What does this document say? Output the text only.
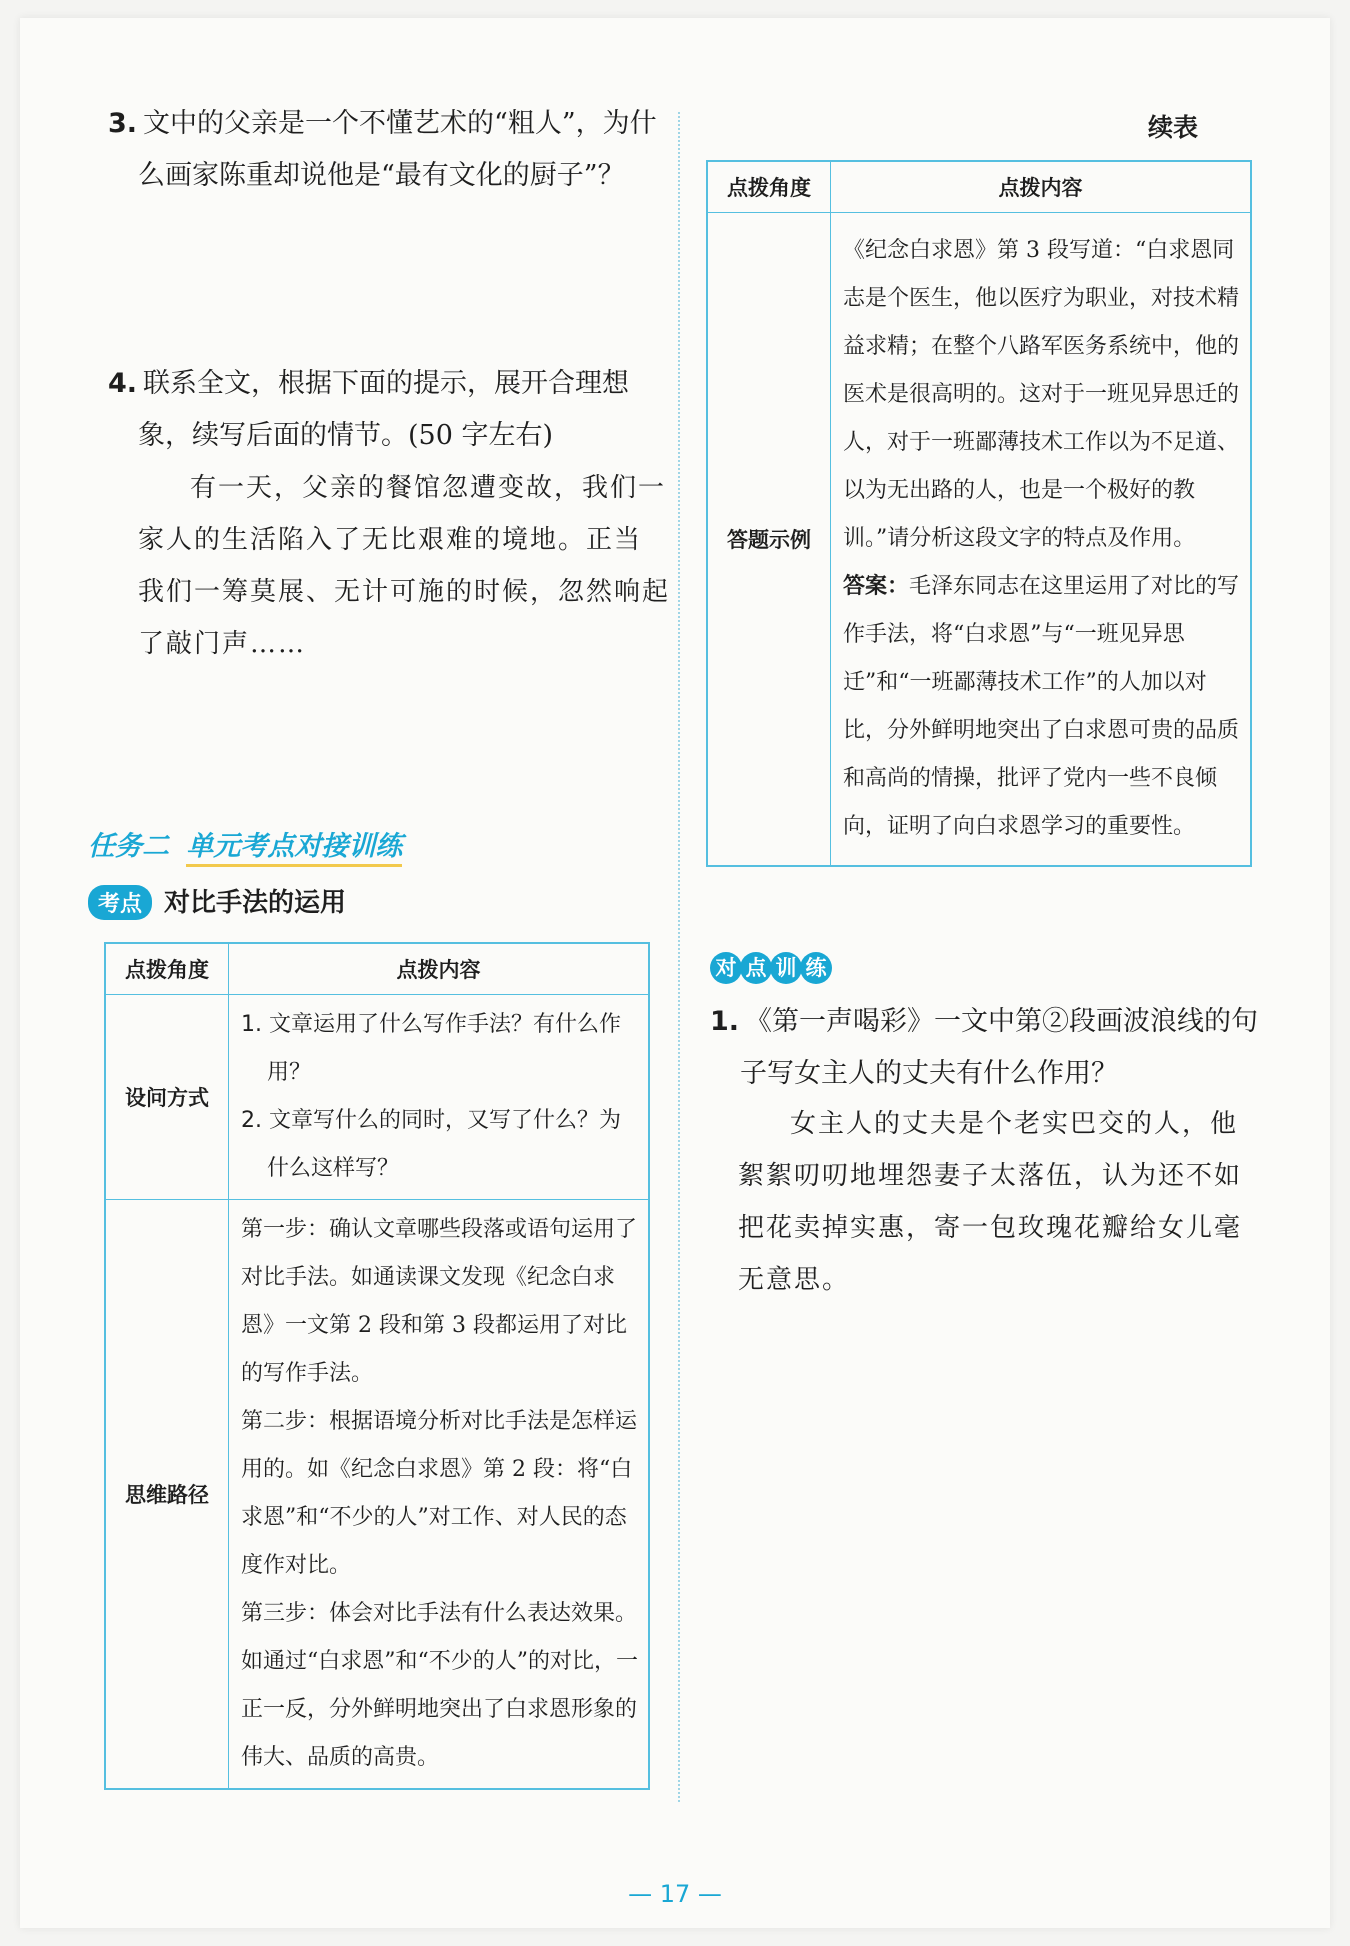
3. 文中的父亲是一个不懂艺术的“粗人”，为什
么画家陈重却说他是“最有文化的厨子”？
4. 联系全文，根据下面的提示，展开合理想
象，续写后面的情节。(50 字左右)
有一天，父亲的餐馆忽遭变故，我们一
家人的生活陷入了无比艰难的境地。正当
我们一筹莫展、无计可施的时候，忽然响起
了敲门声……
任务二 单元考点对接训练
考点 对比手法的运用
点拨角度	点拨内容
设问方式	1. 文章运用了什么写作手法？有什么作用？
2. 文章写什么的同时，又写了什么？为什么这样写？

思维路径	第一步：确认文章哪些段落或语句运用了对比手法。如通读课文发现《纪念白求恩》一文第 2 段和第 3 段都运用了对比的写作手法。
第二步：根据语境分析对比手法是怎样运用的。如《纪念白求恩》第 2 段：将“白求恩”和“不少的人”对工作、对人民的态度作对比。
第三步：体会对比手法有什么表达效果。如通过“白求恩”和“不少的人”的对比，一正一反，分外鲜明地突出了白求恩形象的伟大、品质的高贵。
续表
点拨角度	点拨内容
答题示例	《纪念白求恩》第 3 段写道：“白求恩同志是个医生，他以医疗为职业，对技术精益求精；在整个八路军医务系统中，他的医术是很高明的。这对于一班见异思迁的人，对于一班鄙薄技术工作以为不足道、以为无出路的人，也是一个极好的教训。”请分析这段文字的特点及作用。
答案：毛泽东同志在这里运用了对比的写作手法，将“白求恩”与“一班见异思迁”和“一班鄙薄技术工作”的人加以对比，分外鲜明地突出了白求恩可贵的品质和高尚的情操，批评了党内一些不良倾向，证明了向白求恩学习的重要性。
对 点 训 练
1. 《第一声喝彩》一文中第②段画波浪线的句
子写女主人的丈夫有什么作用？
女主人的丈夫是个老实巴交的人，他
絮絮叨叨地埋怨妻子太落伍，认为还不如
把花卖掉实惠，寄一包玫瑰花瓣给女儿毫
无意思。
— 17 —
